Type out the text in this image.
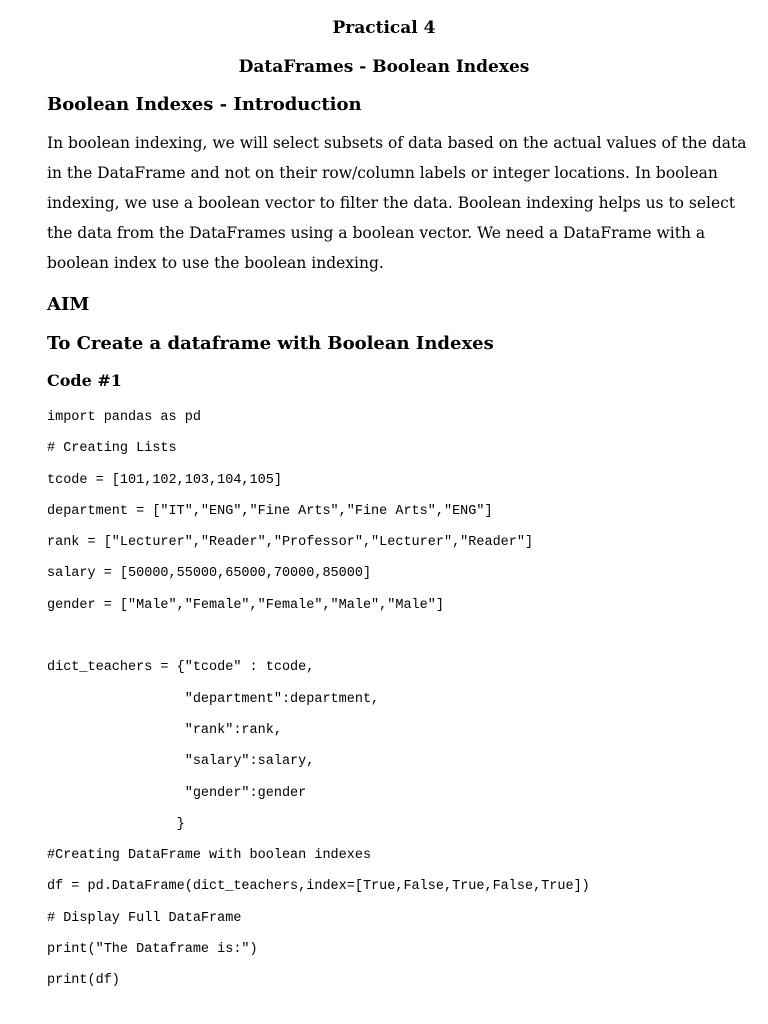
Practical 4
DataFrames - Boolean Indexes
Boolean Indexes - Introduction

In boolean indexing, we will select subsets of data based on the actual values of the data
in the DataFrame and not on their row/column labels or integer locations. In boolean
indexing, we use a boolean vector to filter the data. Boolean indexing helps us to select
the data from the DataFrames using a boolean vector. We need a DataFrame with a
boolean index to use the boolean indexing.

AIM
To Create a dataframe with Boolean Indexes
Code #1
import pandas as pd
# Creating Lists
tcode = [101,102,103,104,105]
department = ["IT","ENG","Fine Arts","Fine Arts","ENG"]
rank = ["Lecturer","Reader","Professor","Lecturer","Reader"]
salary = [50000,55000,65000,70000,85000]
gender = ["Male","Female","Female","Male","Male"]
dict_teachers = {"tcode" : tcode,
"department":department,
"rank":rank,
"salary":salary,
"gender":gender
}
#Creating DataFrame with boolean indexes
df = pd.DataFrame(dict_teachers,index=[True,False,True,False,True])
# Display Full DataFrame
print("The Dataframe is:")
print(df)
